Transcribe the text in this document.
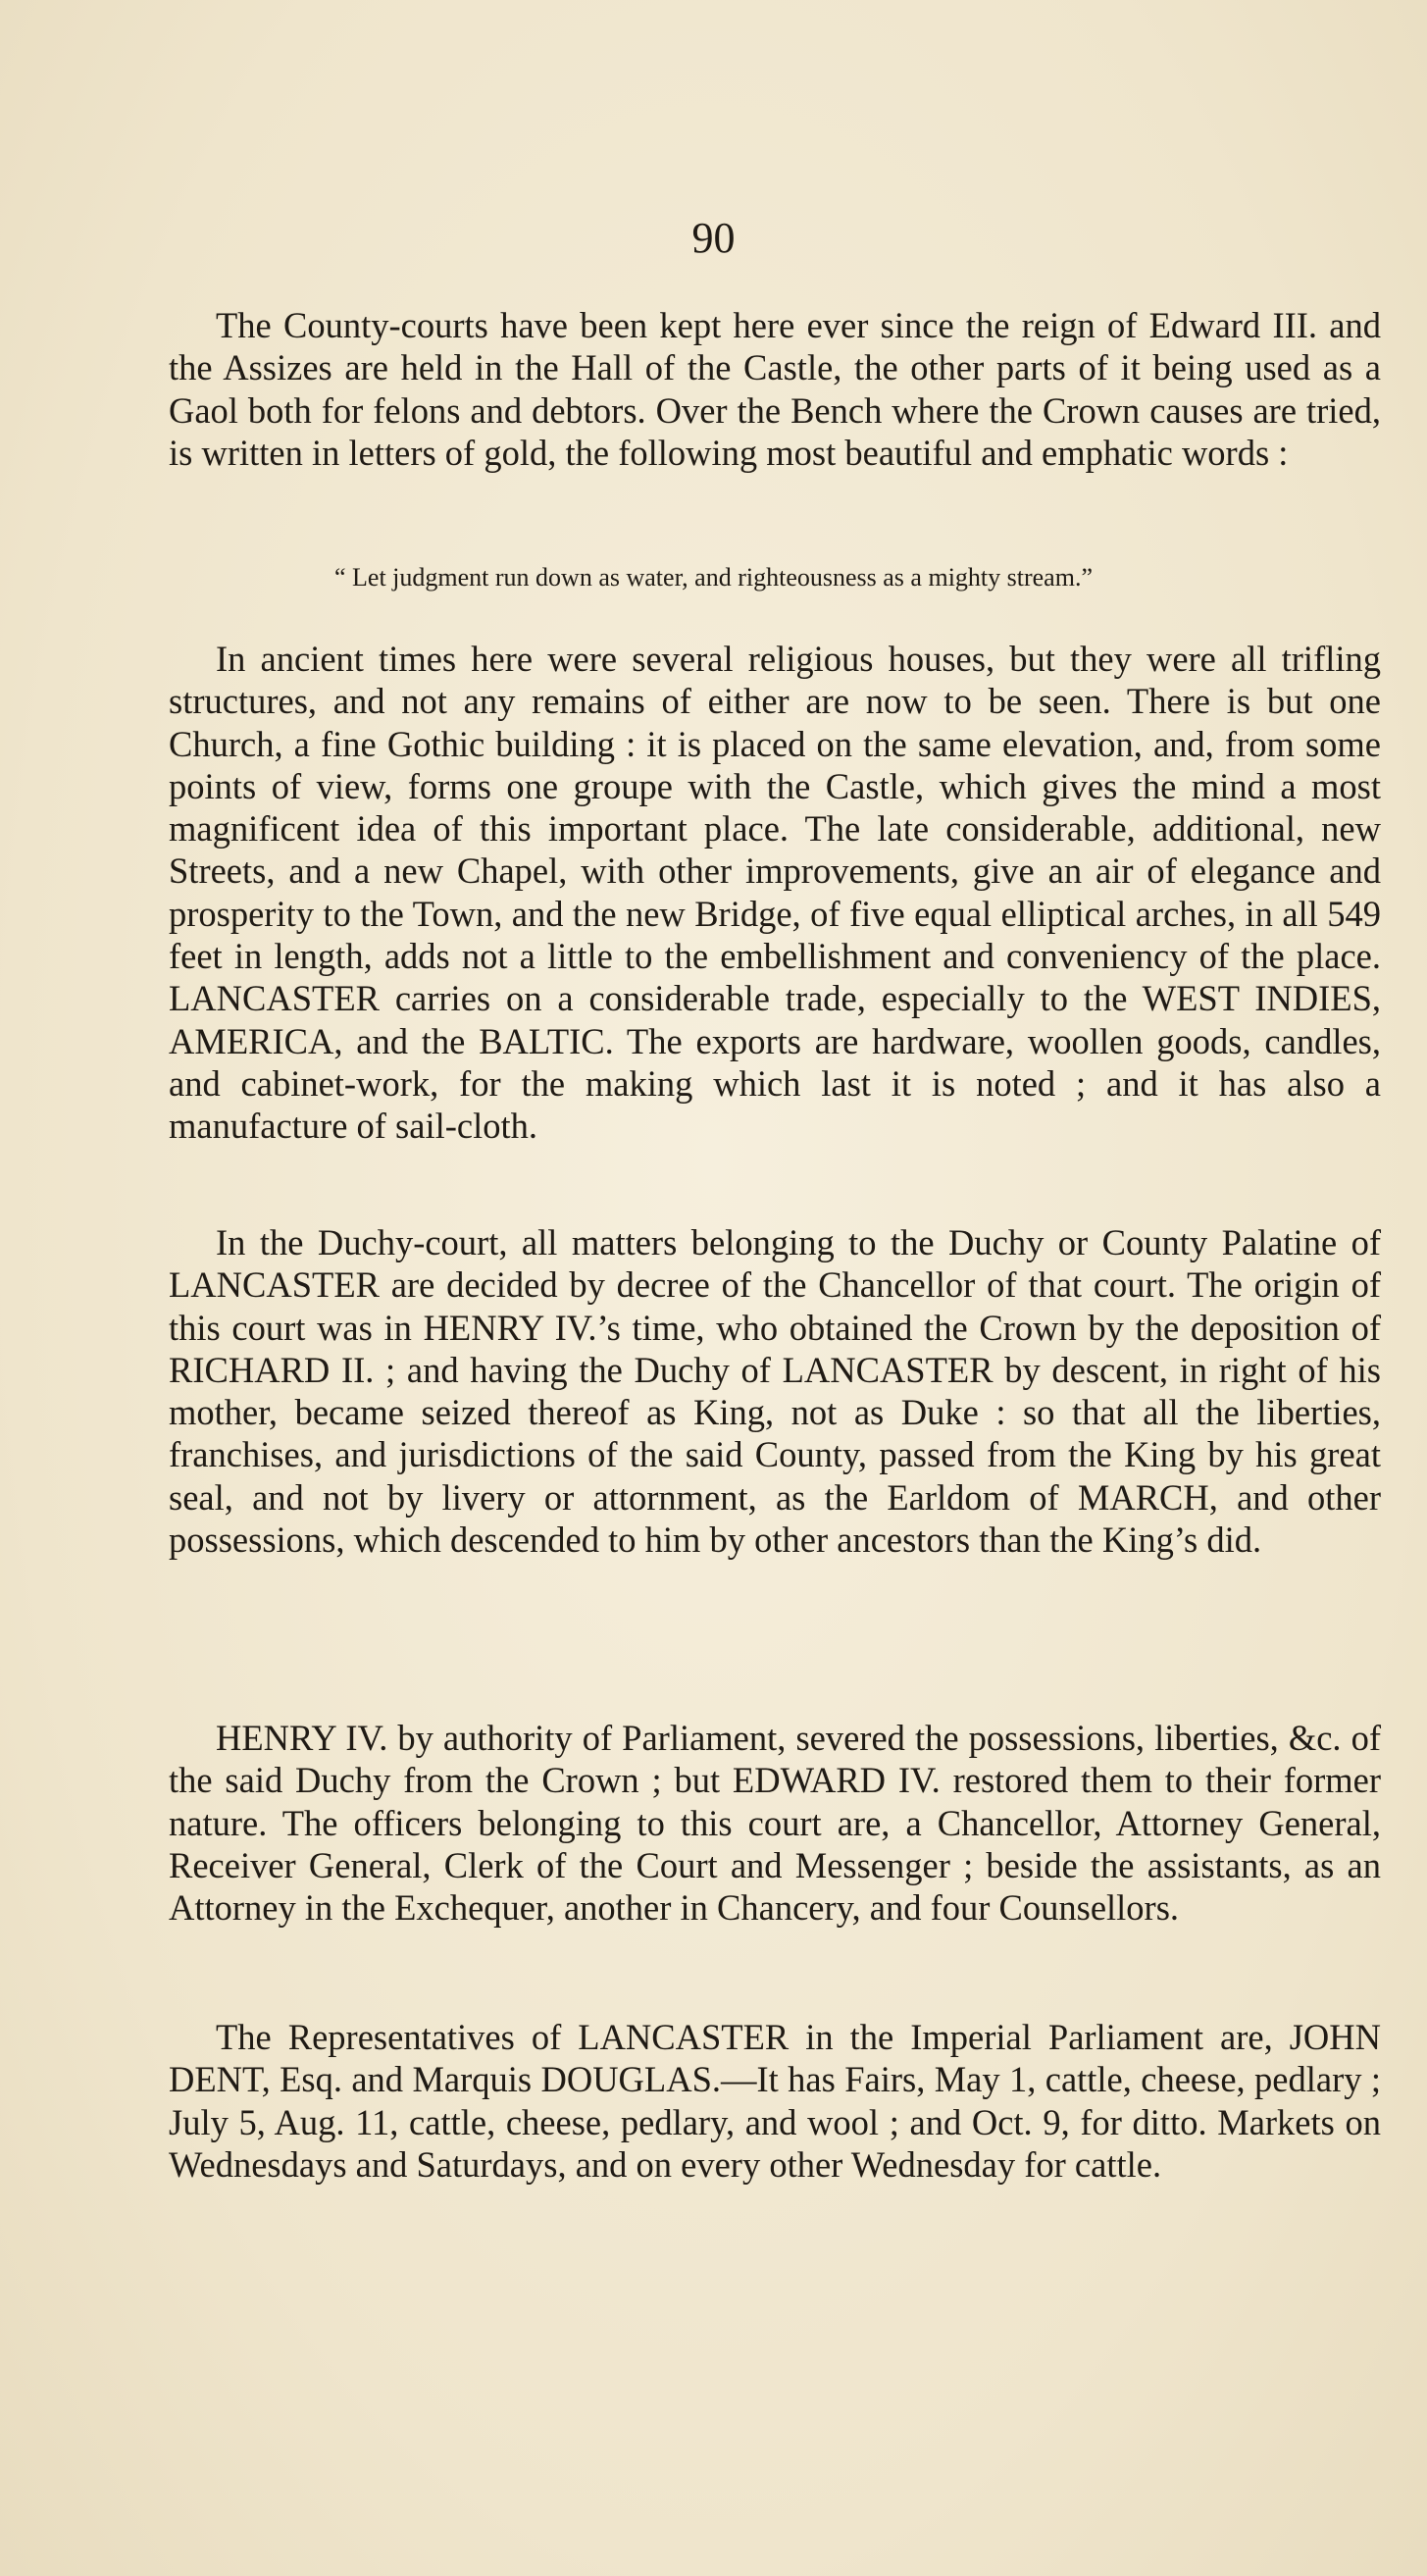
90
The County-courts have been kept here ever since the reign of Edward III. and the Assizes are held in the Hall of the Castle, the other parts of it being used as a Gaol both for felons and debtors. Over the Bench where the Crown causes are tried, is written in letters of gold, the following most beautiful and emphatic words :
“ Let judgment run down as water, and righteousness as a mighty stream.”
In ancient times here were several religious houses, but they were all trifling structures, and not any remains of either are now to be seen. There is but one Church, a fine Gothic building : it is placed on the same elevation, and, from some points of view, forms one groupe with the Castle, which gives the mind a most magnificent idea of this important place. The late considerable, additional, new Streets, and a new Chapel, with other improvements, give an air of elegance and prosperity to the Town, and the new Bridge, of five equal elliptical arches, in all 549 feet in length, adds not a little to the embellishment and conveniency of the place. LANCASTER carries on a considerable trade, especially to the WEST INDIES, AMERICA, and the BALTIC. The exports are hardware, woollen goods, candles, and cabinet-work, for the making which last it is noted ; and it has also a manufacture of sail-cloth.
In the Duchy-court, all matters belonging to the Duchy or County Palatine of LANCASTER are decided by decree of the Chancellor of that court. The origin of this court was in HENRY IV.’s time, who obtained the Crown by the deposition of RICHARD II. ; and having the Duchy of LANCASTER by descent, in right of his mother, became seized thereof as King, not as Duke : so that all the liberties, franchises, and jurisdictions of the said County, passed from the King by his great seal, and not by livery or attornment, as the Earldom of MARCH, and other possessions, which descended to him by other ancestors than the King’s did.
HENRY IV. by authority of Parliament, severed the possessions, liberties, &c. of the said Duchy from the Crown ; but EDWARD IV. restored them to their former nature. The officers belonging to this court are, a Chancellor, Attorney General, Receiver General, Clerk of the Court and Messenger ; beside the assistants, as an Attorney in the Exchequer, another in Chancery, and four Counsellors.
The Representatives of LANCASTER in the Imperial Parliament are, JOHN DENT, Esq. and Marquis DOUGLAS.—It has Fairs, May 1, cattle, cheese, pedlary ; July 5, Aug. 11, cattle, cheese, pedlary, and wool ; and Oct. 9, for ditto. Markets on Wednesdays and Saturdays, and on every other Wednesday for cattle.
